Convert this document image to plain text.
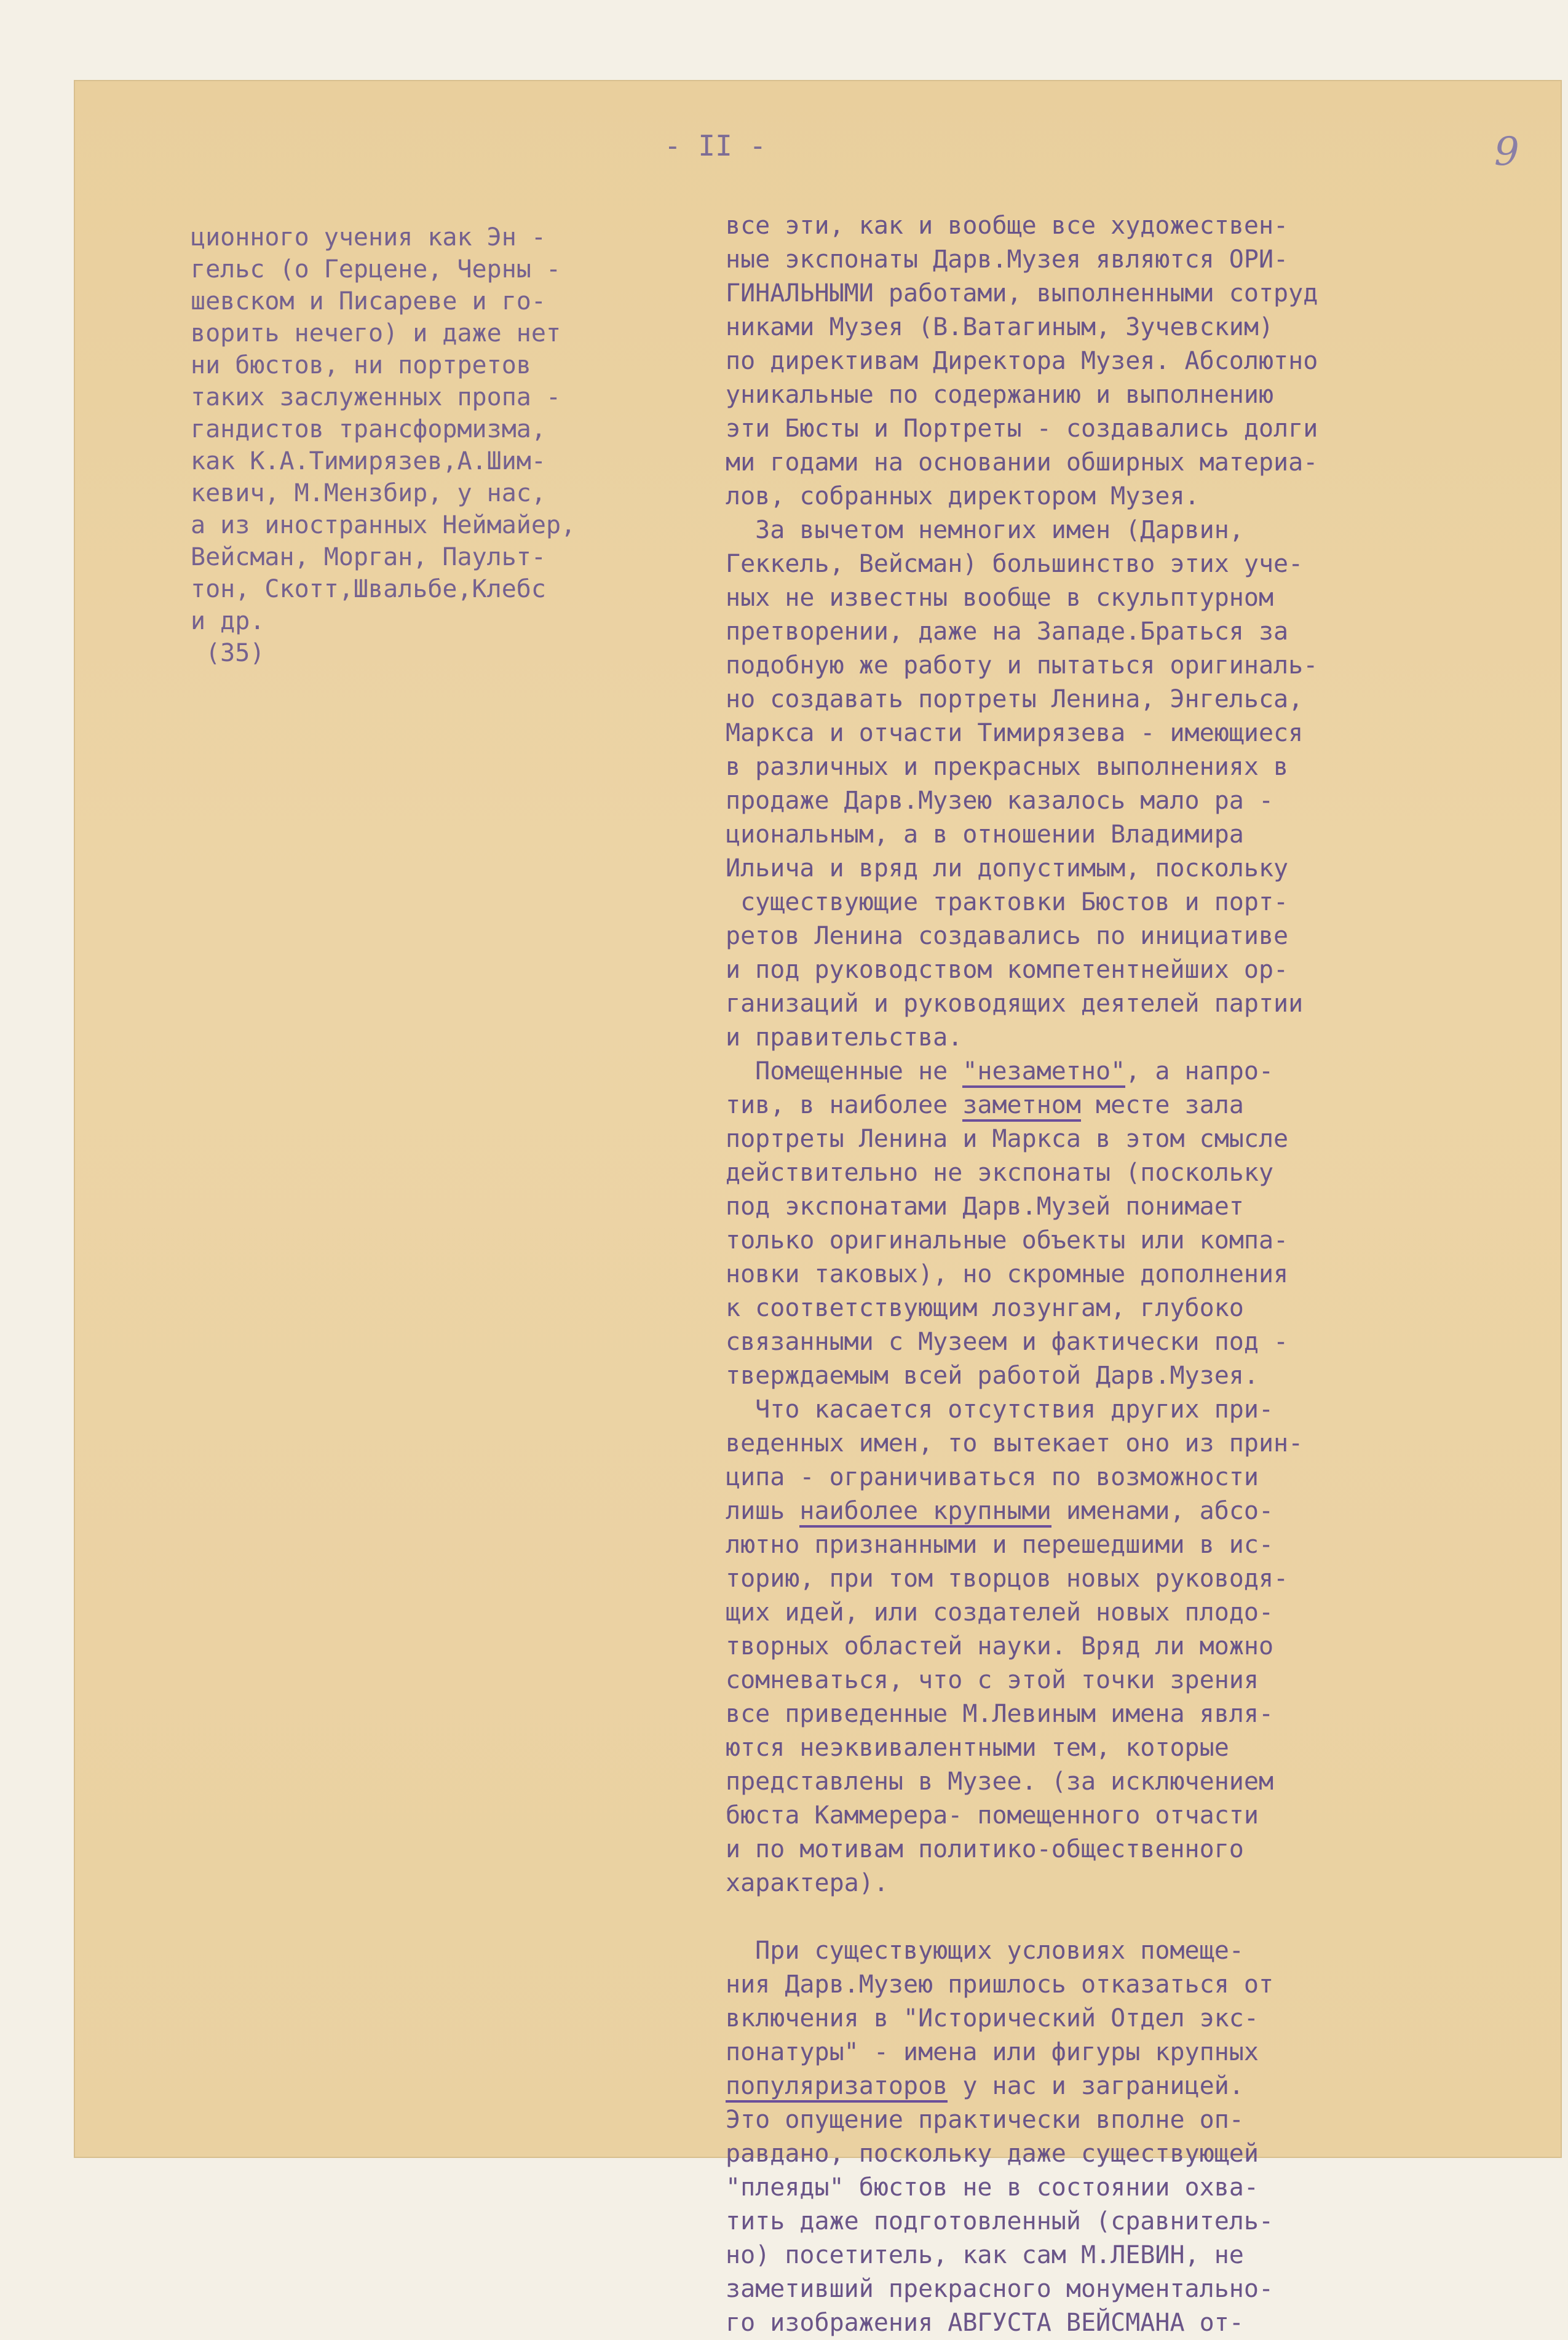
- II -	9
ционного учения как Эн -
гельс (о Герцене, Черны -
шевском и Писареве и го-
ворить нечего) и даже нет
ни бюстов, ни портретов
таких заслуженных пропа -
гандистов трансформизма,
как К.А.Тимирязев,А.Шим-
кевич, М.Мензбир, у нас,
а из иностранных Неймайер,
Вейсман, Морган, Паульт-
тон, Скотт,Швальбе,Клебс
и др.
(35)
все эти, как и вообще все художествен-
ные экспонаты Дарв.Музея являются ОРИ-
ГИНАЛЬНЫМИ работами, выполненными сотруд
никами Музея (В.Ватагиным, Зучевским)
по директивам Директора Музея. Абсолютно
уникальные по содержанию и выполнению
эти Бюсты и Портреты - создавались долги
ми годами на основании обширных материа-
лов, собранных директором Музея.
За вычетом немногих имен (Дарвин,
Геккель, Вейсман) большинство этих уче-
ных не известны вообще в скульптурном
претворении, даже на Западе.Браться за
подобную же работу и пытаться оригиналь-
но создавать портреты Ленина, Энгельса,
Маркса и отчасти Тимирязева - имеющиеся
в различных и прекрасных выполнениях в
продаже Дарв.Музею казалось мало ра -
циональным, а в отношении Владимира
Ильича и вряд ли допустимым, поскольку
существующие трактовки Бюстов и порт-
ретов Ленина создавались по инициативе
и под руководством компетентнейших ор-
ганизаций и руководящих деятелей партии
и правительства.
Помещенные не "незаметно", а напро-
тив, в наиболее заметном месте зала
портреты Ленина и Маркса в этом смысле
действительно не экспонаты (поскольку
под экспонатами Дарв.Музей понимает
только оригинальные объекты или компа-
новки таковых), но скромные дополнения
к соответствующим лозунгам, глубоко
связанными с Музеем и фактически под -
тверждаемым всей работой Дарв.Музея.
Что касается отсутствия других при-
веденных имен, то вытекает оно из прин-
ципа - ограничиваться по возможности
лишь наиболее крупными именами, абсо-
лютно признанными и перешедшими в ис-
торию, при том творцов новых руководя-
щих идей, или создателей новых плодо-
творных областей науки. Вряд ли можно
сомневаться, что с этой точки зрения
все приведенные М.Левиным имена явля-
ются неэквивалентными тем, которые
представлены в Музее. (за исключением
бюста Каммерера- помещенного отчасти
и по мотивам политико-общественного
характера).

При существующих условиях помеще-
ния Дарв.Музею пришлось отказаться от
включения в "Исторический Отдел экс-
понатуры" - имена или фигуры крупных
популяризаторов у нас и заграницей.
Это опущение практически вполне оп-
равдано, поскольку даже существующей
"плеяды" бюстов не в состоянии охва-
тить даже подготовленный (сравнитель-
но) посетитель, как сам М.ЛЕВИН, не
заметивший прекрасного монументально-
го изображения АВГУСТА ВЕЙСМАНА от-
